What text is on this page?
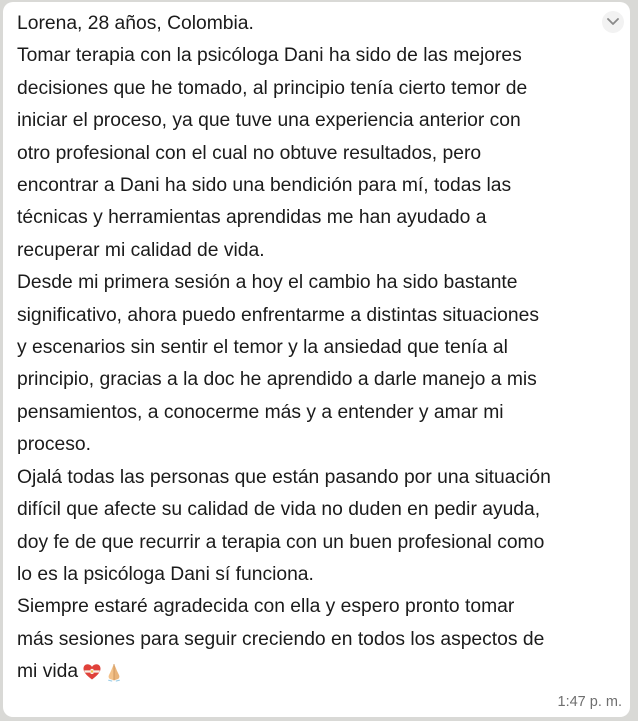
Lorena, 28 años, Colombia.
Tomar terapia con la psicóloga Dani ha sido de las mejores
decisiones que he tomado, al principio tenía cierto temor de
iniciar el proceso, ya que tuve una experiencia anterior con
otro profesional con el cual no obtuve resultados, pero
encontrar a Dani ha sido una bendición para mí, todas las
técnicas y herramientas aprendidas me han ayudado a
recuperar mi calidad de vida.
Desde mi primera sesión a hoy el cambio ha sido bastante
significativo, ahora puedo enfrentarme a distintas situaciones
y escenarios sin sentir el temor y la ansiedad que tenía al
principio, gracias a la doc he aprendido a darle manejo a mis
pensamientos, a conocerme más y a entender y amar mi
proceso.
Ojalá todas las personas que están pasando por una situación
difícil que afecte su calidad de vida no duden en pedir ayuda,
doy fe de que recurrir a terapia con un buen profesional como
lo es la psicóloga Dani sí funciona.
Siempre estaré agradecida con ella y espero pronto tomar
más sesiones para seguir creciendo en todos los aspectos de
mi vida
1:47 p. m.
